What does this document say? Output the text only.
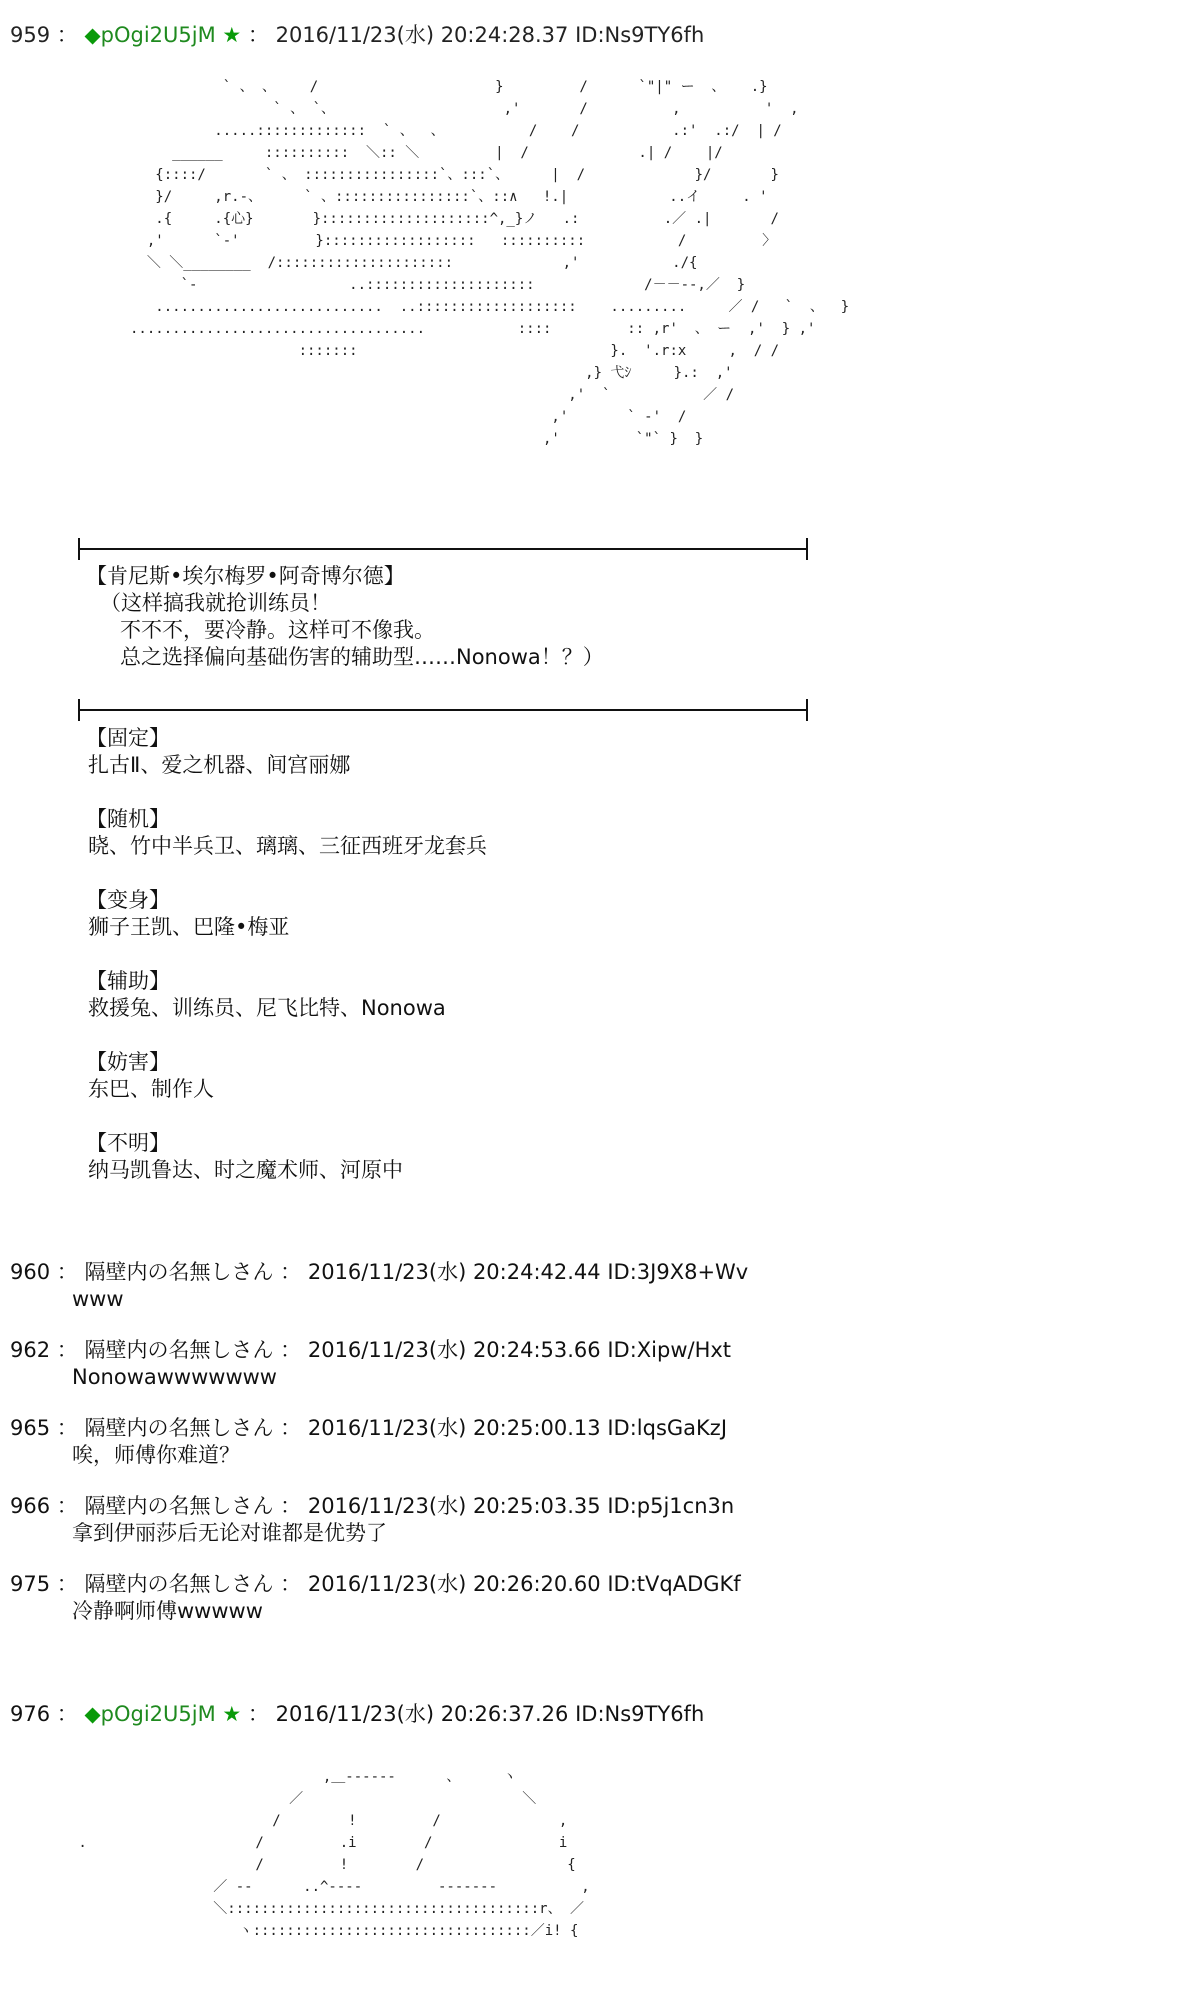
959 ： ◆pOgi2U5jM ★ ： 2016/11/23(水) 20:24:28.37 ID:Ns9TY6fh
` 、 、    /                     }         /      `"|" ー  、   .}
` 、 `、                    ,'       /          ,          '  ,
.....:::::::::::::  ` 、  、          /    /           .:'  .:/  | /
______     ::::::::::  ＼:: ＼         |  /             .| /    |/
{::::/       ` 、 ::::::::::::::::`、:::`、     |  /             }/       }
}/     ,r.-、     ` 、::::::::::::::::`、::∧   !.|            ..イ     . '
.{     .{心}       }::::::::::::::::::::^,_}ノ   .:          .／ .|       /
,'      `‐'         }::::::::::::::::::   ::::::::::           /         〉
＼ ＼________  /:::::::::::::::::::::             ,'           ./{
`-                  ..::::::::::::::::::::             /－－‐-,／  }
...........................  ..:::::::::::::::::::    .........     ／ /   `  、  }
...................................           ::::         :: ,r'  、 ー  ,'  } ,'
:::::::                              }.  '.r:x     ,  / /
,} 弋ｼ     }.:  ,'
,'  `           ／ /
,'       ` ‐'  /
,'         `"` }  }
【肯尼斯•埃尔梅罗•阿奇博尔德】
（这样搞我就抢训练员！
不不不，要冷静。这样可不像我。
总之选择偏向基础伤害的辅助型……Nonowa！？）
【固定】
扎古Ⅱ、爱之机器、间宫丽娜
【随机】
晓、竹中半兵卫、璃璃、三征西班牙龙套兵
【变身】
狮子王凯、巴隆•梅亚
【辅助】
救援兔、训练员、尼飞比特、Nonowa
【妨害】
东巴、制作人
【不明】
纳马凯鲁达、时之魔术师、河原中
960 ： 隔壁内の名無しさん ： 2016/11/23(水) 20:24:42.44 ID:3J9X8+Wv
www
962 ： 隔壁内の名無しさん ： 2016/11/23(水) 20:24:53.66 ID:Xipw/Hxt
Nonowawwwwwww
965 ： 隔壁内の名無しさん ： 2016/11/23(水) 20:25:00.13 ID:lqsGaKzJ
唉，师傅你难道？
966 ： 隔壁内の名無しさん ： 2016/11/23(水) 20:25:03.35 ID:p5j1cn3n
拿到伊丽莎后无论对谁都是优势了
975 ： 隔壁内の名無しさん ： 2016/11/23(水) 20:26:20.60 ID:tVqADGKf
冷静啊师傅wwwww
976 ： ◆pOgi2U5jM ★ ： 2016/11/23(水) 20:26:37.26 ID:Ns9TY6fh
,＿------      、     ヽ
／                          ＼
/        !         /              ,
.                    /         .i        /               i
/         !        /                 {
／ --      ..^----         -------          ,
＼:::::::::::::::::::::::::::::::::::::r、 ／
ヽ:::::::::::::::::::::::::::::::::／i! {
